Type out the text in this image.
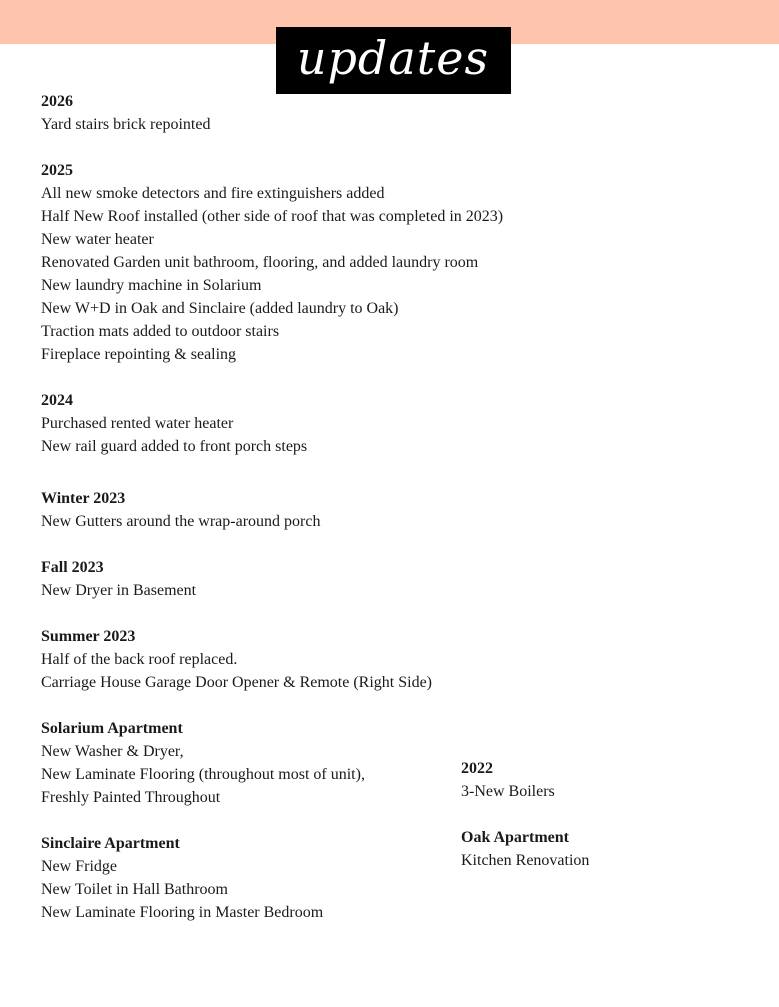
updates
2026
Yard stairs brick repointed
2025
All new smoke detectors and fire extinguishers added
Half New Roof installed (other side of roof that was completed in 2023)
New water heater
Renovated Garden unit bathroom, flooring, and added laundry room
New laundry machine in Solarium
New W+D in Oak and Sinclaire (added laundry to Oak)
Traction mats added to outdoor stairs
Fireplace repointing & sealing
2024
Purchased rented water heater
New rail guard added to front porch steps
Winter 2023
New Gutters around the wrap-around porch
Fall 2023
New Dryer in Basement
Summer 2023
Half of the back roof replaced.
Carriage House Garage Door Opener & Remote (Right Side)
Solarium Apartment
New Washer & Dryer,
New Laminate Flooring (throughout most of unit),
Freshly Painted Throughout
Sinclaire Apartment
New Fridge
New Toilet in Hall Bathroom
New Laminate Flooring in Master Bedroom
2022
3-New Boilers
Oak Apartment
Kitchen Renovation
